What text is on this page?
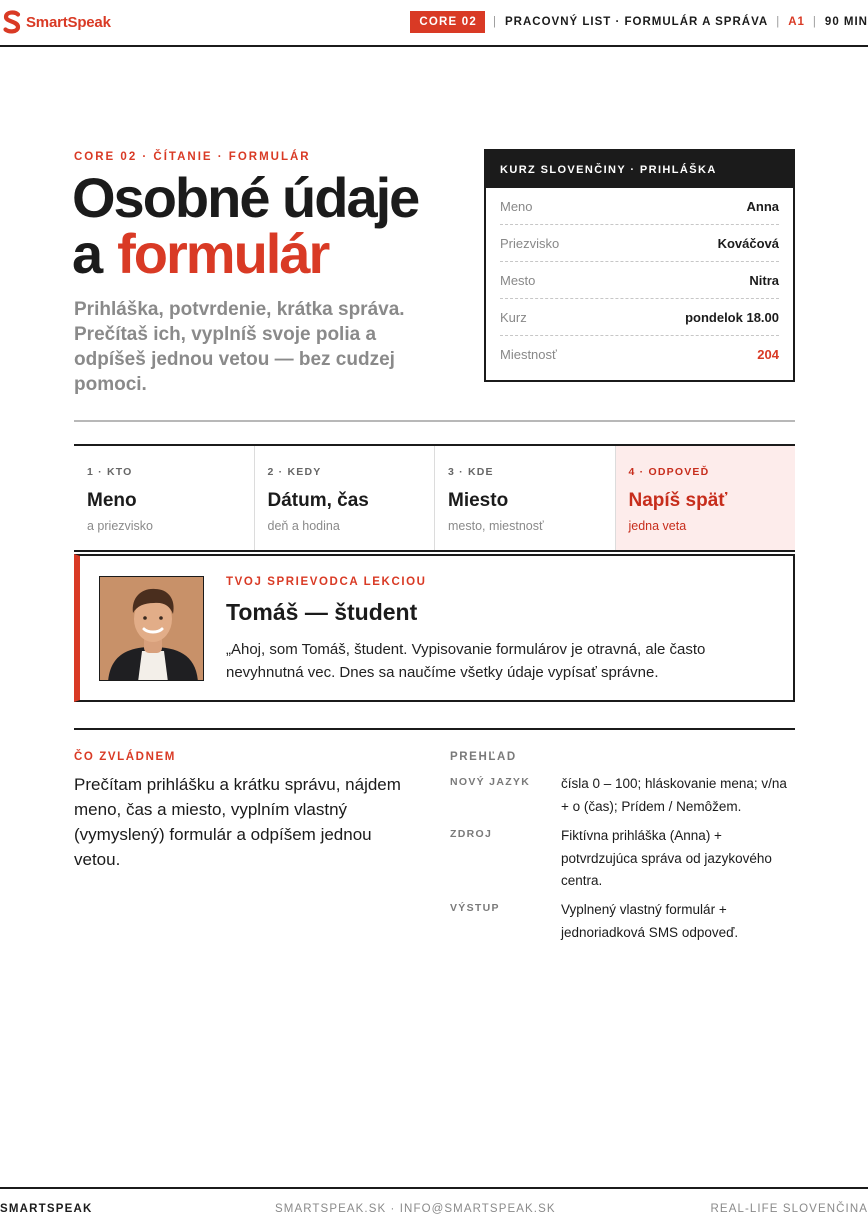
SmartSpeak	CORE 02	| PRACOVNÝ LIST · FORMULÁR A SPRÁVA | A1 | 90 MIN
CORE 02 · ČÍTANIE · FORMULÁR
Osobné údaje
a formulár

Prihláška, potvrdenie, krátka správa. Prečítaš ich, vyplníš svoje polia a odpíšeš jednou vetou — bez cudzej pomoci.

KURZ SLOVENČINY · PRIHLÁŠKA
Meno	Anna
Priezvisko	Kováčová
Mesto	Nitra
Kurz	pondelok 18.00
Miestnosť	204
1 · KTO
Meno
a priezvisko
2 · KEDY
Dátum, čas
deň a hodina
3 · KDE
Miesto
mesto, miestnosť
4 · ODPOVEĎ
Napíš späť
jedna veta
TVOJ SPRIEVODCA LEKCIOU
Tomáš — študent

„Ahoj, som Tomáš, študent. Vypisovanie formulárov je otravná, ale často nevyhnutná vec. Dnes sa naučíme všetky údaje vypísať správne.

ČO ZVLÁDNEM

Prečítam prihlášku a krátku správu, nájdem meno, čas a miesto, vyplním vlastný (vymyslený) formulár a odpíšem jednou vetou.

PREHĽAD
NOVÝ JAZYK čísla 0 – 100; hláskovanie mena; v/na + o (čas); Prídem / Nemôžem.
ZDROJ	Fiktívna prihláška (Anna) + potvrdzujúca správa od jazykového centra.
VÝSTUP	Vyplnený vlastný formulár + jednoriadková SMS odpoveď.
SMARTSPEAK	SMARTSPEAK.SK · INFO@SMARTSPEAK.SK	REAL-LIFE SLOVENČINA
